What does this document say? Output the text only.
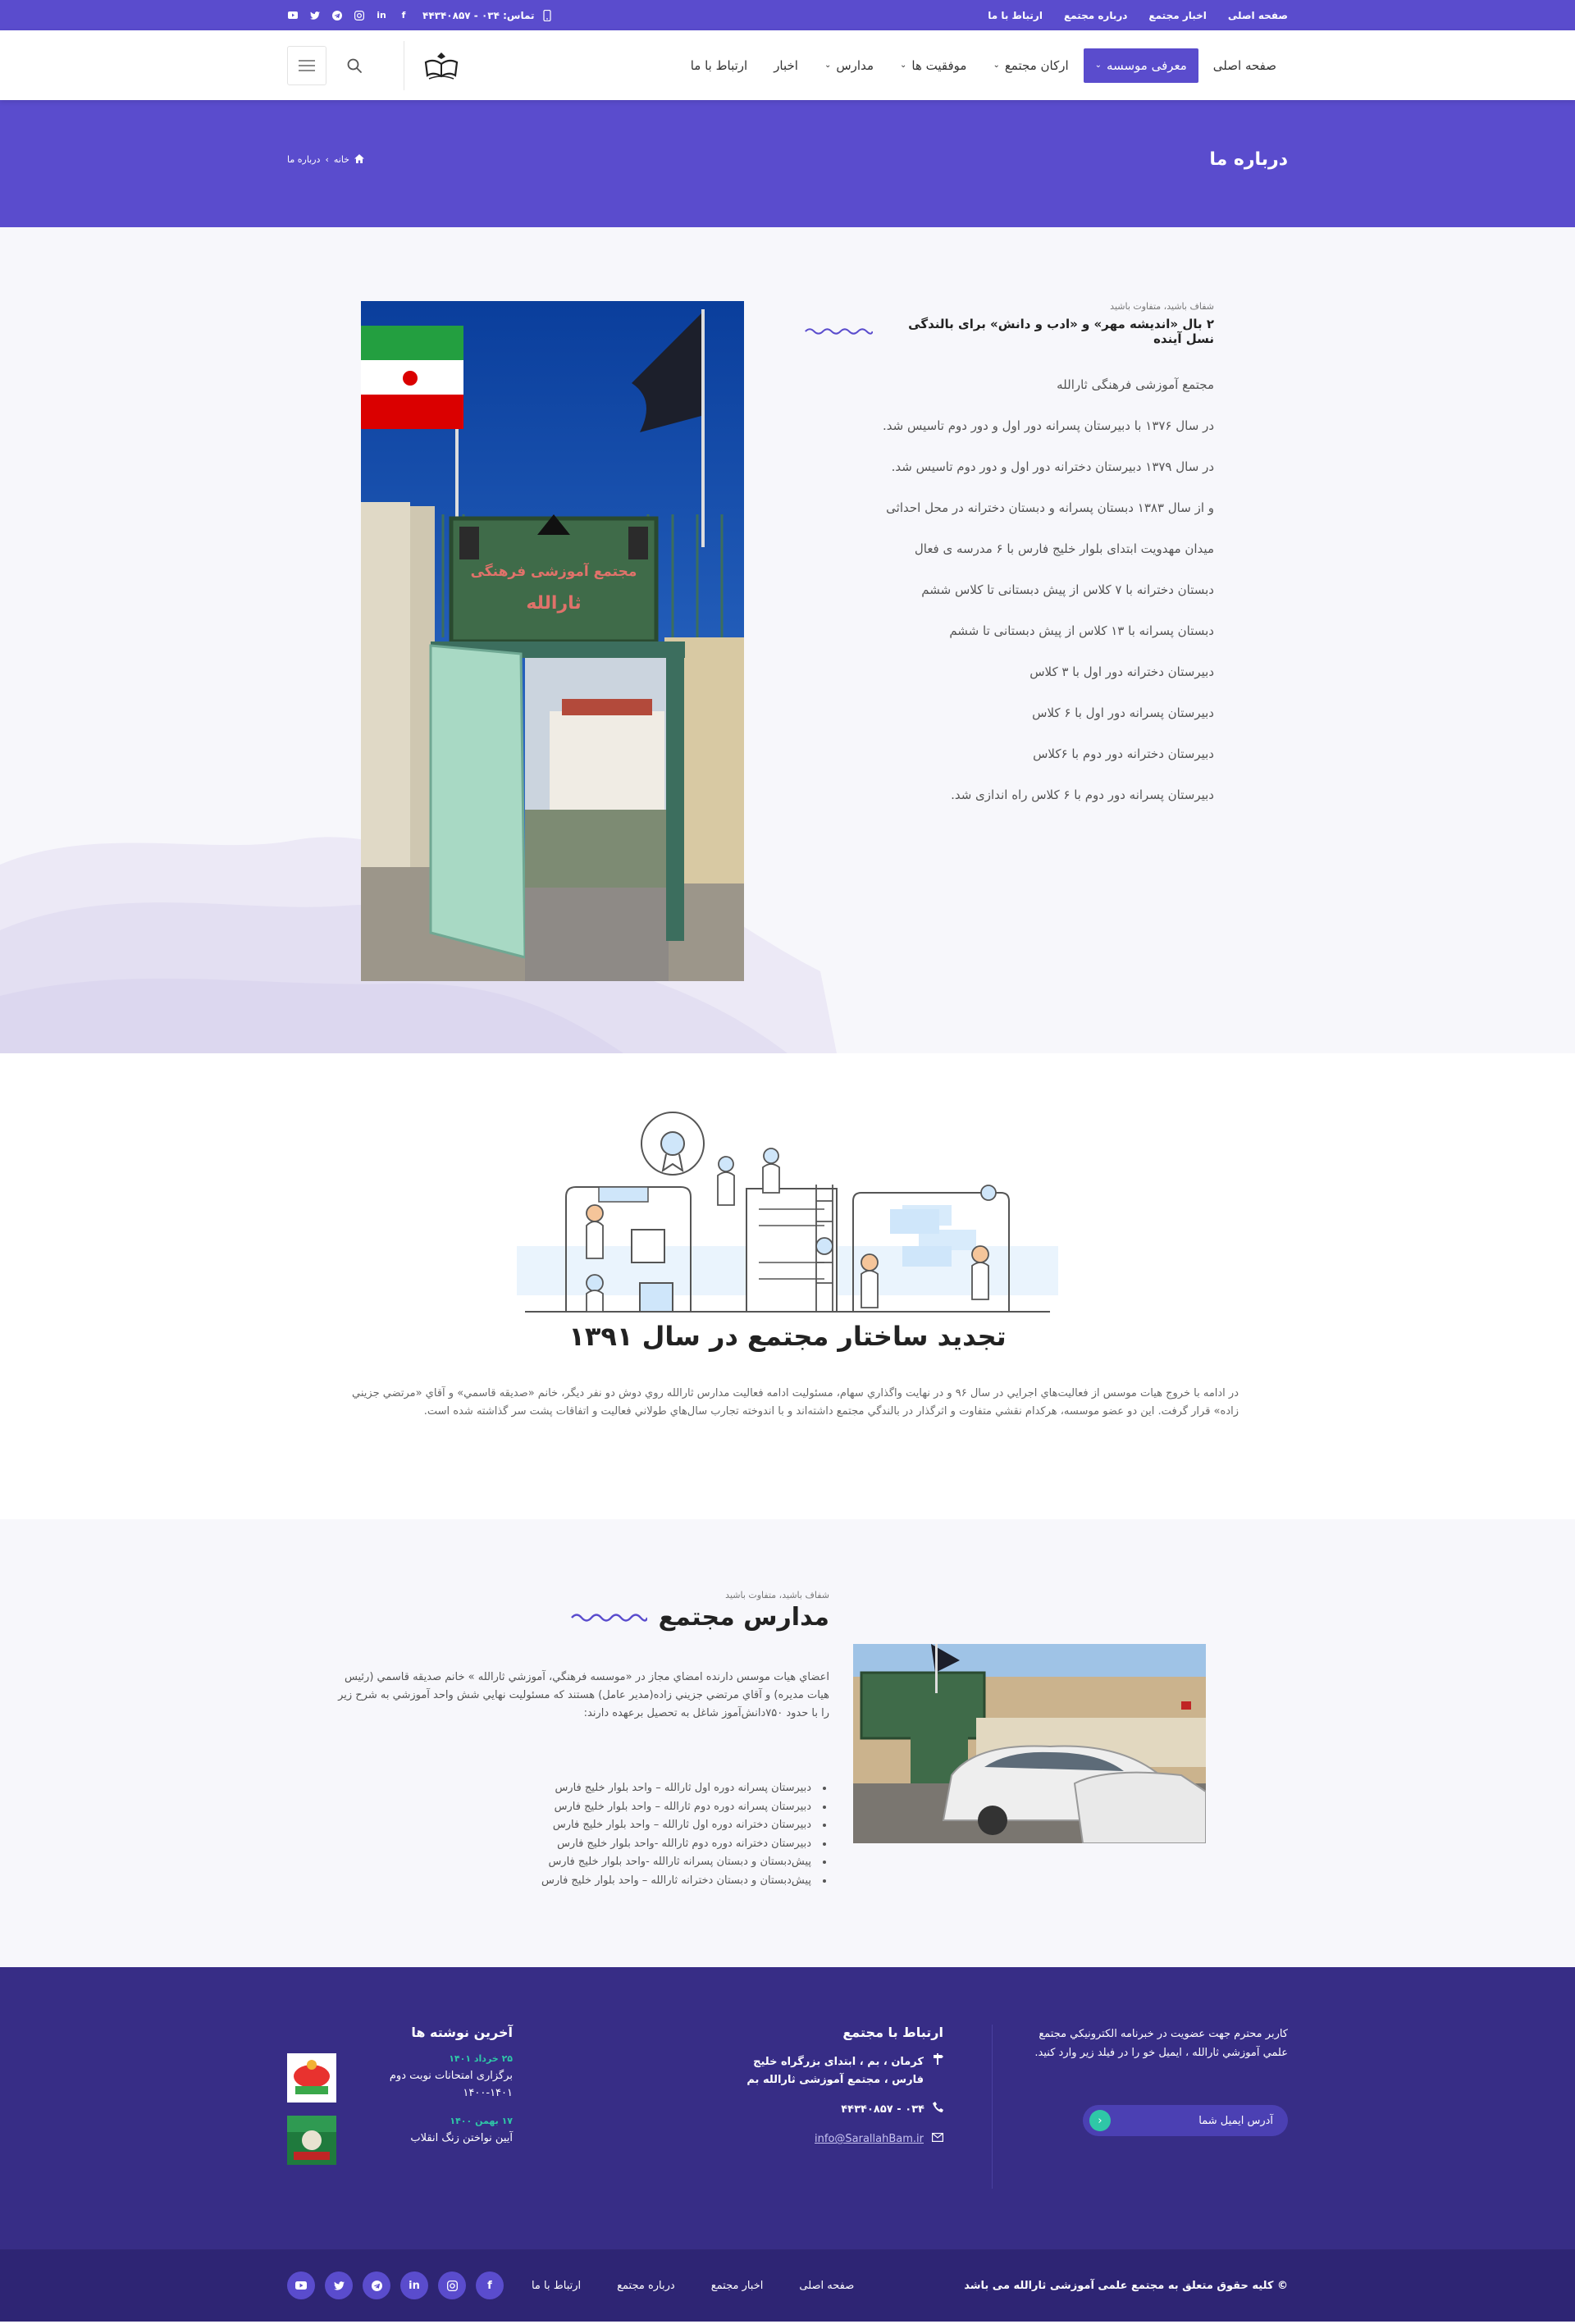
صفحه اصلی
اخبار مجتمع
درباره مجتمع
ارتباط با ما
تماس: ۰۳۴ - ۴۴۳۴۰۸۵۷
in	f
صفحه اصلی
معرفی موسسه
⌄
ارکان مجتمع
⌄
موفقیت ها
⌄
مدارس
⌄
اخبار
ارتباط با ما
درباره ما
خانه
›
درباره ما
شفاف باشید، متفاوت باشید
۲ بال «اندیشه مهر» و «ادب و دانش» برای بالندگی نسل آینده

مجتمع آموزشی فرهنگی ثارالله

در سال ۱۳۷۶ با دبیرستان پسرانه دور اول و دور دوم تاسیس شد.

در سال ۱۳۷۹ دبیرستان دخترانه دور اول و دور دوم تاسیس شد.

و از سال ۱۳۸۳ دبستان پسرانه و دبستان دخترانه در محل احداثی

میدان مهدویت ابتدای بلوار خلیج فارس با ۶ مدرسه ی فعال

دبستان دخترانه با ۷ کلاس از پیش دبستانی تا کلاس ششم

دبستان پسرانه با ۱۳ کلاس از پیش دبستانی تا ششم

دبیرستان دخترانه دور اول با ۳ کلاس

دبیرستان پسرانه دور اول با ۶ کلاس

دبیرستان دخترانه دور دوم با ۶کلاس

دبیرستان پسرانه دور دوم با ۶ کلاس راه اندازی شد.

مجتمع آموزشی فرهنگی
ثارالله
تجدید ساختار مجتمع در سال ۱۳۹۱

در ادامه با خروج هیات موسس از فعالیت‌هاي اجرايي در سال ۹۶ و در نهايت واگذاري سهام، مسئوليت ادامه فعاليت مدارس ثارالله روي دوش دو نفر ديگر، خانم «صديقه قاسمي» و آقاي «مرتضي جزيني زاده» قرار گرفت. اين دو عضو موسسه، هرکدام نقشي متفاوت و اثرگذار در بالندگي مجتمع داشته‌اند و با اندوخته تجارب سال‌هاي طولاني فعاليت و اتفاقات پشت سر گذاشته شده است.

شفاف باشید، متفاوت باشید
مدارس مجتمع

اعضاي هيات موسس دارنده امضاي مجاز در «موسسه فرهنگي، آموزشي ثارالله » خانم صديقه قاسمي (رئيس هيات مديره) و آقاي مرتضي جزيني زاده(مدير عامل) هستند که مسئوليت نهايي شش واحد آموزشي به شرح زير را با حدود ۷۵۰دانش‌آموز شاغل به تحصيل برعهده دارند:

• دبیرستان پسرانه دوره اول ثارالله – واحد بلوار خلیج فارس
• دبیرستان پسرانه دوره دوم ثارالله – واحد بلوار خلیج فارس
• دبیرستان دخترانه دوره اول ثارالله – واحد بلوار خلیج فارس
• دبیرستان دخترانه دوره دوم ثارالله -واحد بلوار خلیج فارس
• پیش‌دبستان و دبستان پسرانه ثارالله -واحد بلوار خلیج فارس
• پیش‌دبستان و دبستان دخترانه ثارالله – واحد بلوار خلیج فارس

کاربر محترم جهت عضويت در خبرنامه الکترونيکي مجتمع علمي آموزشي ثارالله ، ايميل خو را در فيلد زير وارد کنيد.

آدرس ایمیل شما
‹
ارتباط با مجتمع
کرمان ، بم ، ابتدای بزرگراه خلیج فارس ، مجتمع آموزشی ثارالله بم
۰۳۴ - ۴۴۳۴۰۸۵۷
info@SarallahBam.ir
آخرین نوشته ها
۲۵ خرداد ۱۴۰۱
برگزاری امتحانات نوبت دوم ۱۴۰۱-۱۴۰۰
۱۷ بهمن ۱۴۰۰
آیین نواختن زنگ انقلاب
© کلیه حقوق متعلق به مجتمع علمی آموزشی ثارالله می باشد
صفحه اصلی
اخبار مجتمع
درباره مجتمع
ارتباط با ما
in	f
